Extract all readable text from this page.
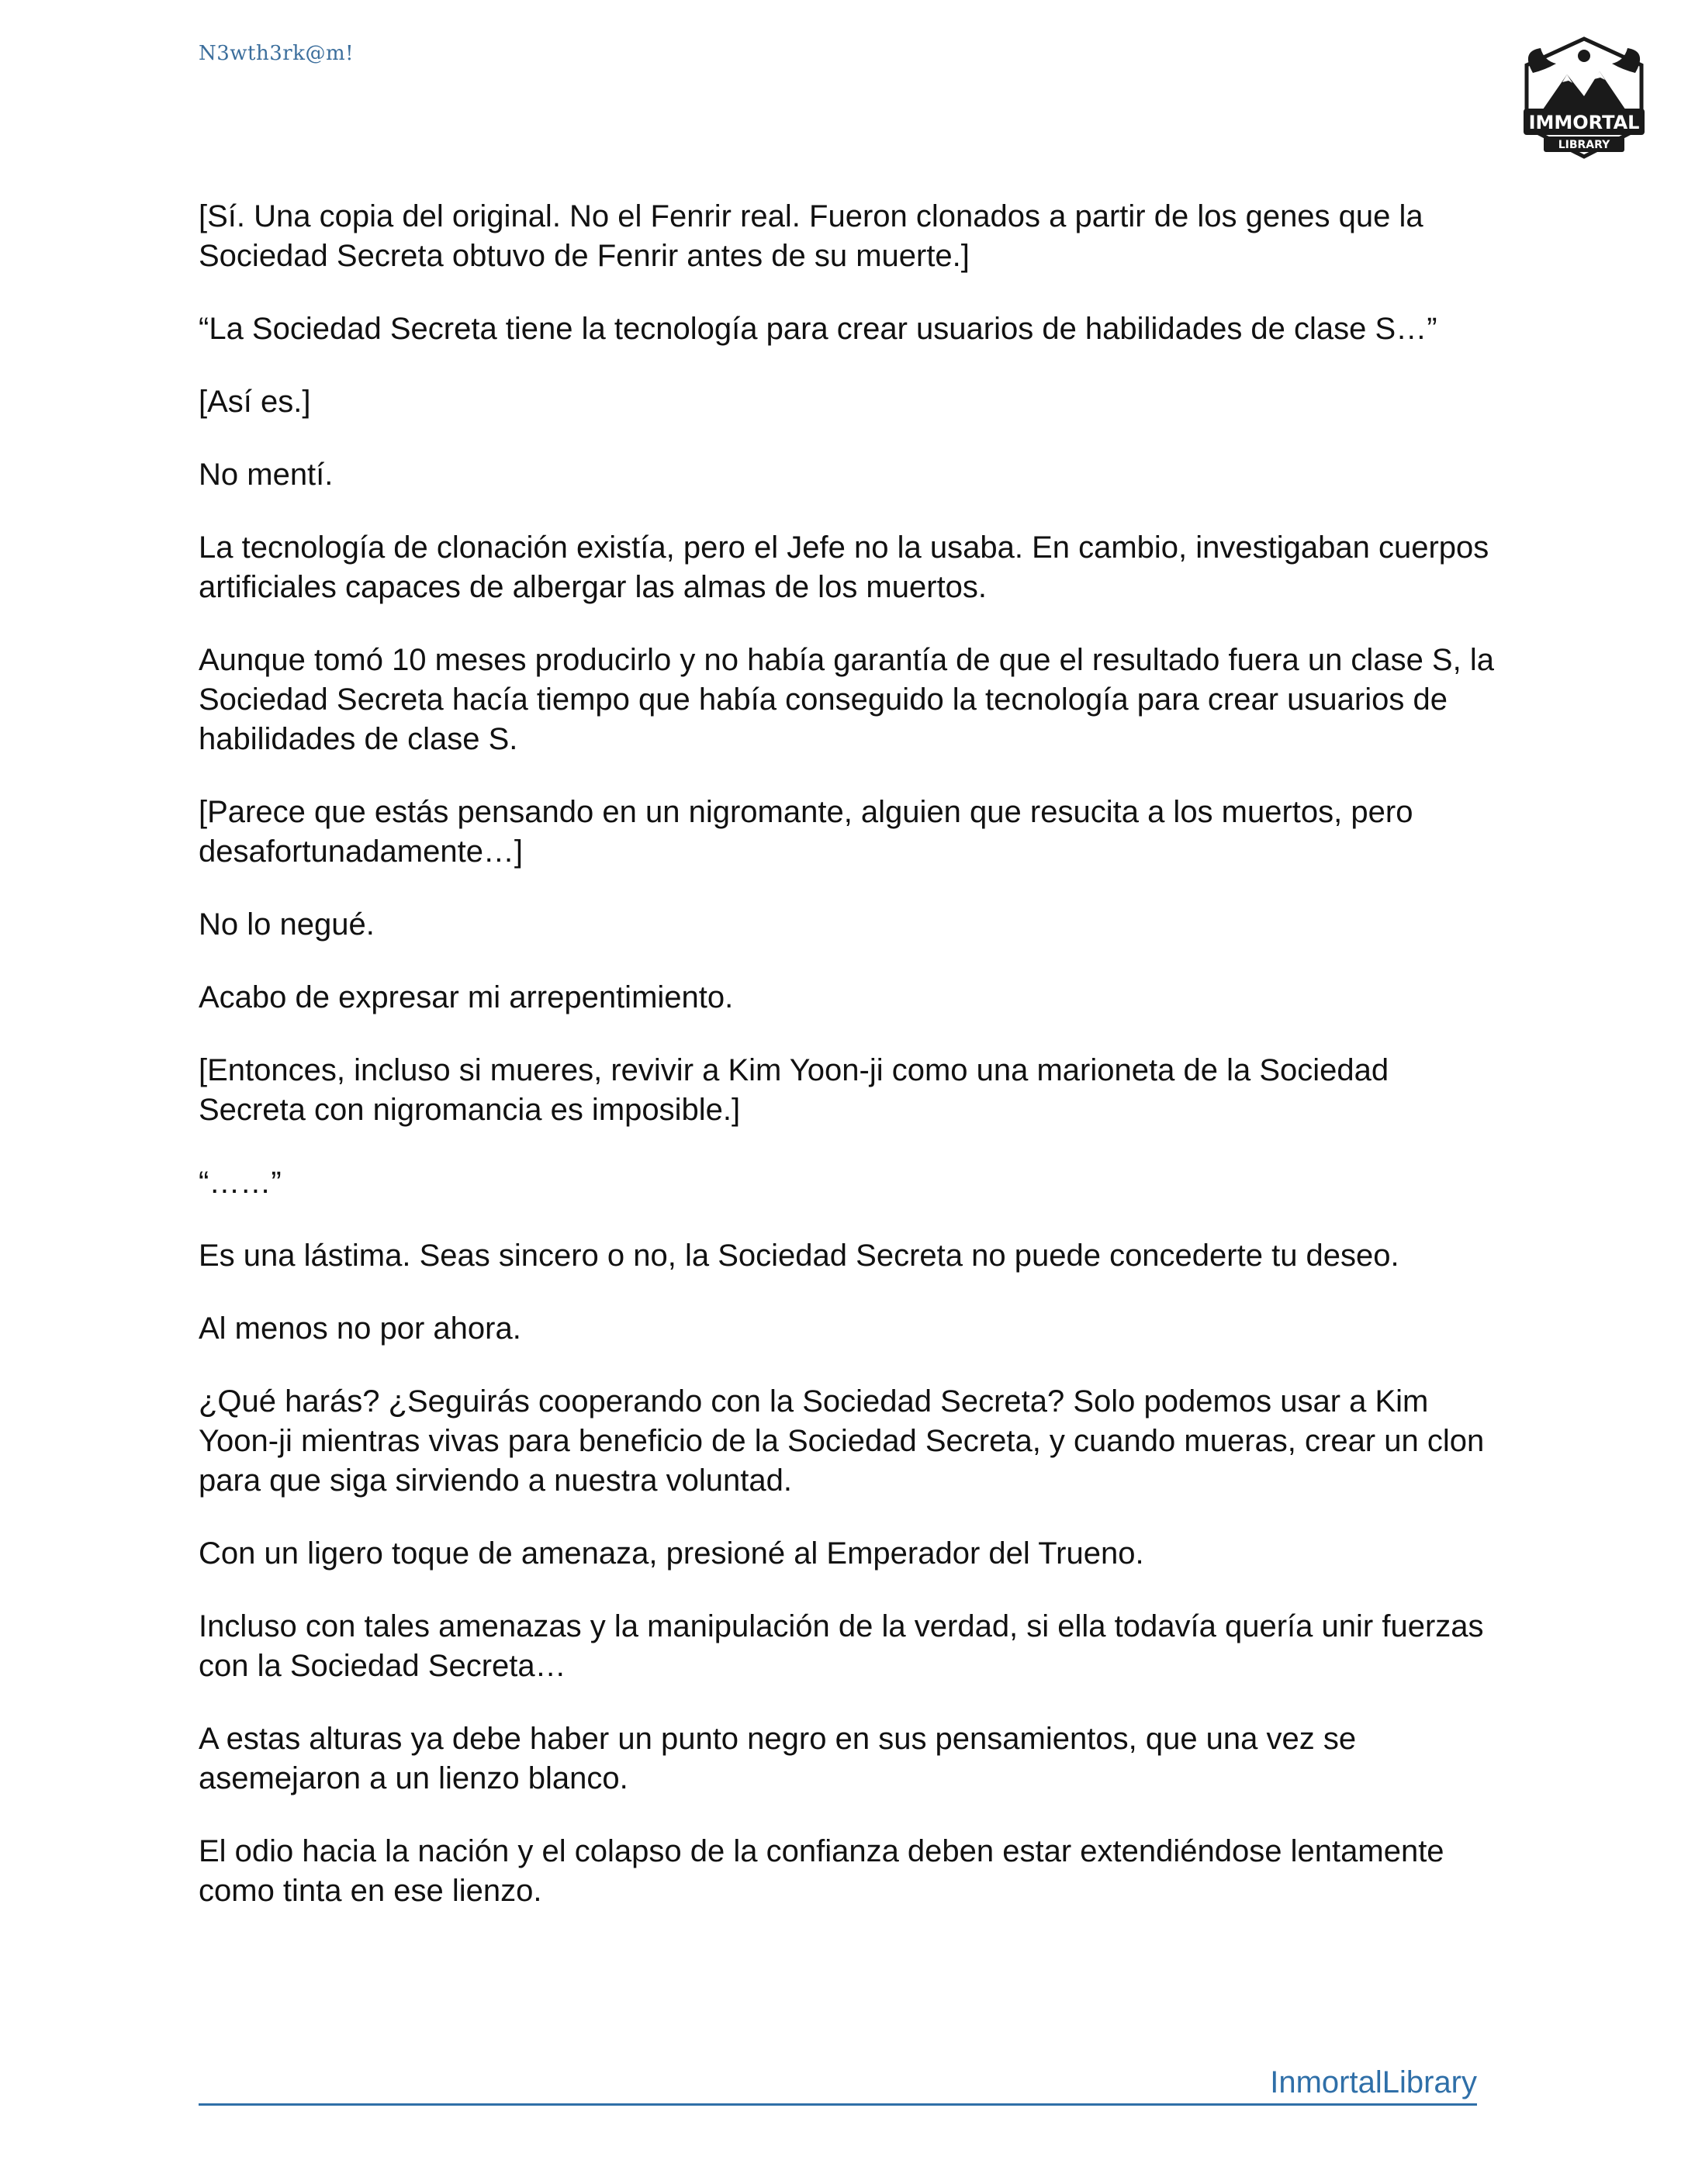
N3wth3rk@m!
IMMORTAL
LIBRARY

[Sí. Una copia del original. No el Fenrir real. Fueron clonados a partir de los genes que la Sociedad Secreta obtuvo de Fenrir antes de su muerte.]

“La Sociedad Secreta tiene la tecnología para crear usuarios de habilidades de clase S…”

[Así es.]

No mentí.

La tecnología de clonación existía, pero el Jefe no la usaba. En cambio, investigaban cuerpos artificiales capaces de albergar las almas de los muertos.

Aunque tomó 10 meses producirlo y no había garantía de que el resultado fuera un clase S, la Sociedad Secreta hacía tiempo que había conseguido la tecnología para crear usuarios de habilidades de clase S.

[Parece que estás pensando en un nigromante, alguien que resucita a los muertos, pero desafortunadamente…]

No lo negué.

Acabo de expresar mi arrepentimiento.

[Entonces, incluso si mueres, revivir a Kim Yoon-ji como una marioneta de la Sociedad Secreta con nigromancia es imposible.]

“……”

Es una lástima. Seas sincero o no, la Sociedad Secreta no puede concederte tu deseo.

Al menos no por ahora.

¿Qué harás? ¿Seguirás cooperando con la Sociedad Secreta? Solo podemos usar a Kim Yoon-ji mientras vivas para beneficio de la Sociedad Secreta, y cuando mueras, crear un clon para que siga sirviendo a nuestra voluntad.

Con un ligero toque de amenaza, presioné al Emperador del Trueno.

Incluso con tales amenazas y la manipulación de la verdad, si ella todavía quería unir fuerzas con la Sociedad Secreta…

A estas alturas ya debe haber un punto negro en sus pensamientos, que una vez se asemejaron a un lienzo blanco.

El odio hacia la nación y el colapso de la confianza deben estar extendiéndose lentamente como tinta en ese lienzo.

InmortalLibrary
